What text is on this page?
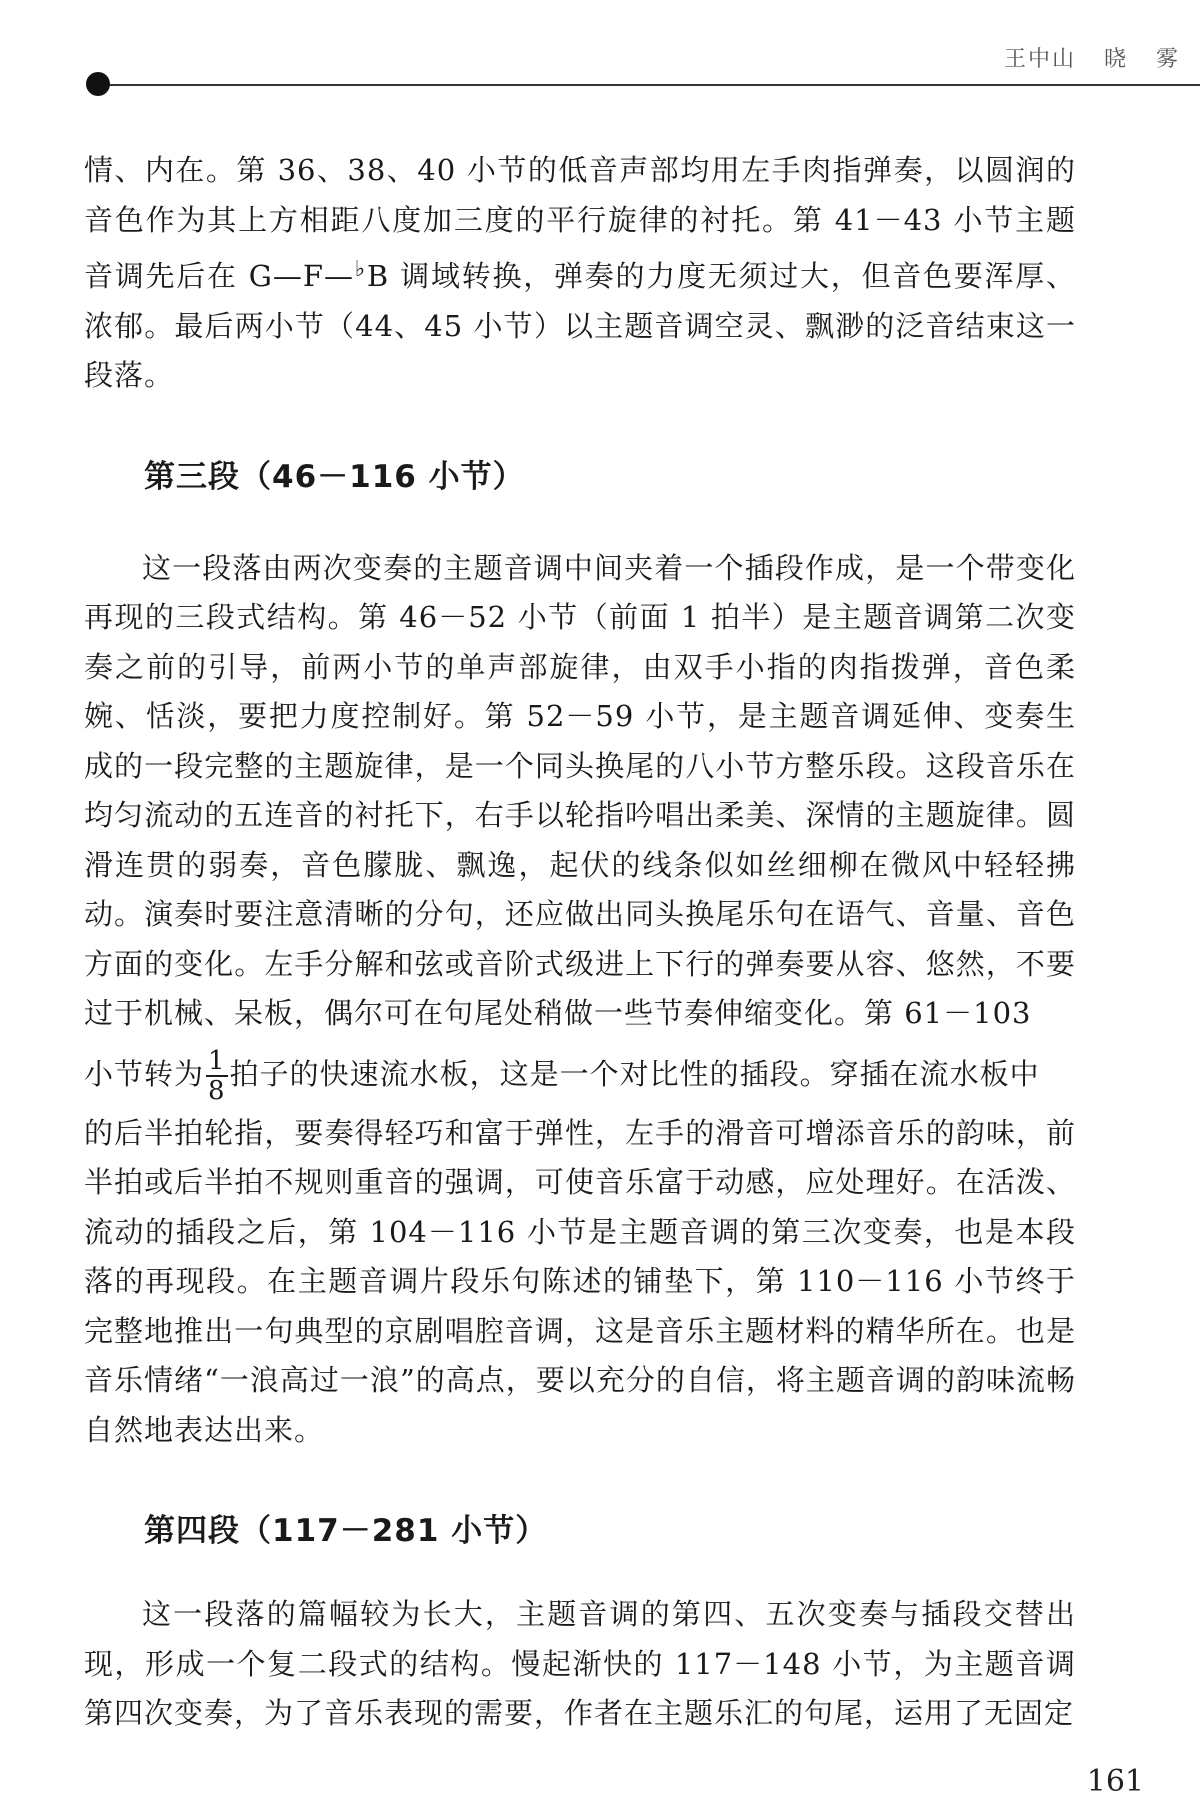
王中山 晓 雾

情、内在。第 36、38、40 小节的低音声部均用左手肉指弹奏，以圆润的音色作为其上方相距八度加三度的平行旋律的衬托。第 41－43 小节主题音调先后在 G—F—♭B 调域转换，弹奏的力度无须过大，但音色要浑厚、浓郁。最后两小节（44、45 小节）以主题音调空灵、飘渺的泛音结束这一段落。

第三段（46－116 小节）

这一段落由两次变奏的主题音调中间夹着一个插段作成，是一个带变化再现的三段式结构。第 46－52 小节（前面 1 拍半）是主题音调第二次变奏之前的引导，前两小节的单声部旋律，由双手小指的肉指拨弹，音色柔婉、恬淡，要把力度控制好。第 52－59 小节，是主题音调延伸、变奏生成的一段完整的主题旋律，是一个同头换尾的八小节方整乐段。这段音乐在均匀流动的五连音的衬托下，右手以轮指吟唱出柔美、深情的主题旋律。圆滑连贯的弱奏，音色朦胧、飘逸，起伏的线条似如丝细柳在微风中轻轻拂动。演奏时要注意清晰的分句，还应做出同头换尾乐句在语气、音量、音色方面的变化。左手分解和弦或音阶式级进上下行的弹奏要从容、悠然，不要过于机械、呆板，偶尔可在句尾处稍做一些节奏伸缩变化。第 61－103

小节转为 $\frac{1}{8}$ 拍子的快速流水板，这是一个对比性的插段。穿插在流水板中

的后半拍轮指，要奏得轻巧和富于弹性，左手的滑音可增添音乐的韵味，前半拍或后半拍不规则重音的强调，可使音乐富于动感，应处理好。在活泼、流动的插段之后，第 104－116 小节是主题音调的第三次变奏，也是本段落的再现段。在主题音调片段乐句陈述的铺垫下，第 110－116 小节终于完整地推出一句典型的京剧唱腔音调，这是音乐主题材料的精华所在。也是音乐情绪“一浪高过一浪”的高点，要以充分的自信，将主题音调的韵味流畅自然地表达出来。

第四段（117－281 小节）

这一段落的篇幅较为长大，主题音调的第四、五次变奏与插段交替出现，形成一个复二段式的结构。慢起渐快的 117－148 小节，为主题音调第四次变奏，为了音乐表现的需要，作者在主题乐汇的句尾，运用了无固定

161
